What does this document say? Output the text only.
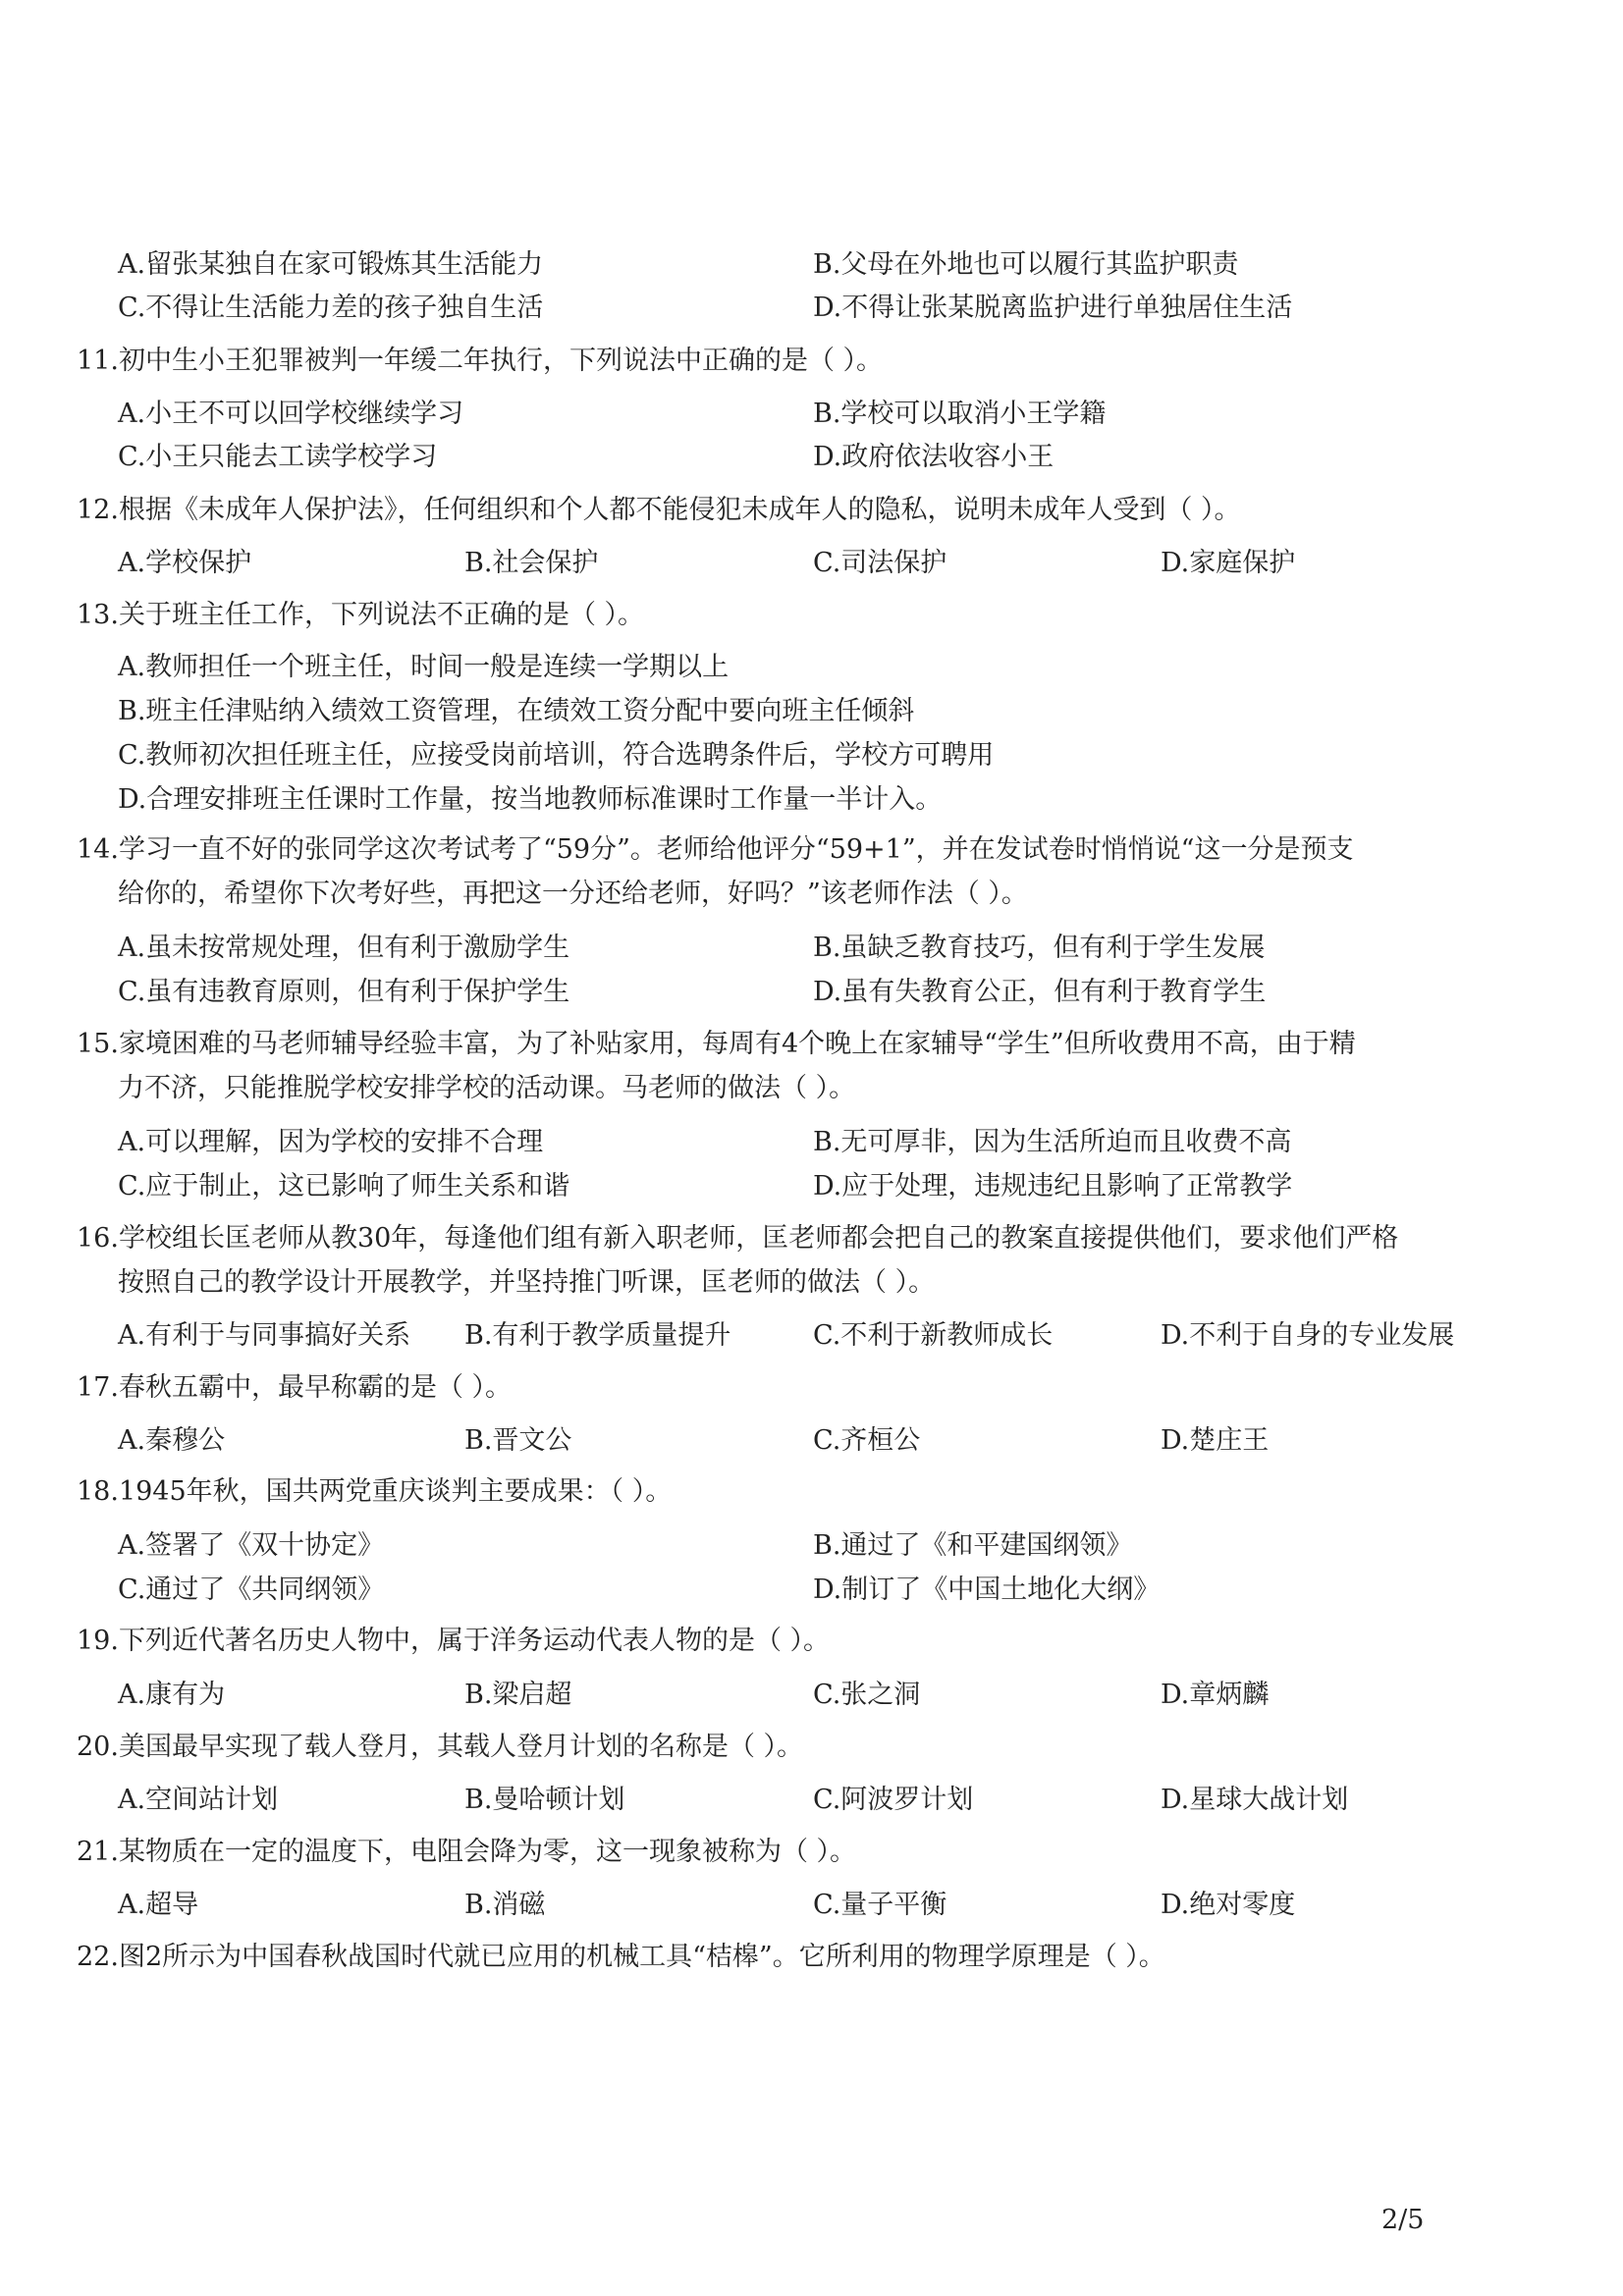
A.留张某独自在家可锻炼其生活能力	B.父母在外地也可以履行其监护职责
C.不得让生活能力差的孩子独自生活	D.不得让张某脱离监护进行单独居住生活
11.初中生小王犯罪被判一年缓二年执行，下列说法中正确的是（ ）。
A.小王不可以回学校继续学习	B.学校可以取消小王学籍
C.小王只能去工读学校学习	D.政府依法收容小王
12.根据《未成年人保护法》，任何组织和个人都不能侵犯未成年人的隐私，说明未成年人受到（ ）。
A.学校保护	B.社会保护	C.司法保护	D.家庭保护
13.关于班主任工作，下列说法不正确的是（ ）。
A.教师担任一个班主任，时间一般是连续一学期以上
B.班主任津贴纳入绩效工资管理，在绩效工资分配中要向班主任倾斜
C.教师初次担任班主任，应接受岗前培训，符合选聘条件后，学校方可聘用
D.合理安排班主任课时工作量，按当地教师标准课时工作量一半计入。
14.学习一直不好的张同学这次考试考了“59分”。老师给他评分“59+1”，并在发试卷时悄悄说“这一分是预支
给你的，希望你下次考好些，再把这一分还给老师，好吗？”该老师作法（ ）。
A.虽未按常规处理，但有利于激励学生	B.虽缺乏教育技巧，但有利于学生发展
C.虽有违教育原则，但有利于保护学生	D.虽有失教育公正，但有利于教育学生
15.家境困难的马老师辅导经验丰富，为了补贴家用，每周有4个晚上在家辅导“学生”但所收费用不高，由于精
力不济，只能推脱学校安排学校的活动课。马老师的做法（ ）。
A.可以理解，因为学校的安排不合理	B.无可厚非，因为生活所迫而且收费不高
C.应于制止，这已影响了师生关系和谐	D.应于处理，违规违纪且影响了正常教学
16.学校组长匡老师从教30年，每逢他们组有新入职老师，匡老师都会把自己的教案直接提供他们，要求他们严格
按照自己的教学设计开展教学，并坚持推门听课，匡老师的做法（ ）。
A.有利于与同事搞好关系 B.有利于教学质量提升	C.不利于新教师成长	D.不利于自身的专业发展
17.春秋五霸中，最早称霸的是（ ）。
A.秦穆公	B.晋文公	C.齐桓公	D.楚庄王
18.1945年秋，国共两党重庆谈判主要成果：（ ）。
A.签署了《双十协定》	B.通过了《和平建国纲领》
C.通过了《共同纲领》	D.制订了《中国土地化大纲》
19.下列近代著名历史人物中，属于洋务运动代表人物的是（ ）。
A.康有为	B.梁启超	C.张之洞	D.章炳麟
20.美国最早实现了载人登月，其载人登月计划的名称是（ ）。
A.空间站计划	B.曼哈顿计划	C.阿波罗计划	D.星球大战计划
21.某物质在一定的温度下，电阻会降为零，这一现象被称为（ ）。
A.超导	B.消磁	C.量子平衡	D.绝对零度
22.图2所示为中国春秋战国时代就已应用的机械工具“桔槔”。它所利用的物理学原理是（ ）。
2/5
